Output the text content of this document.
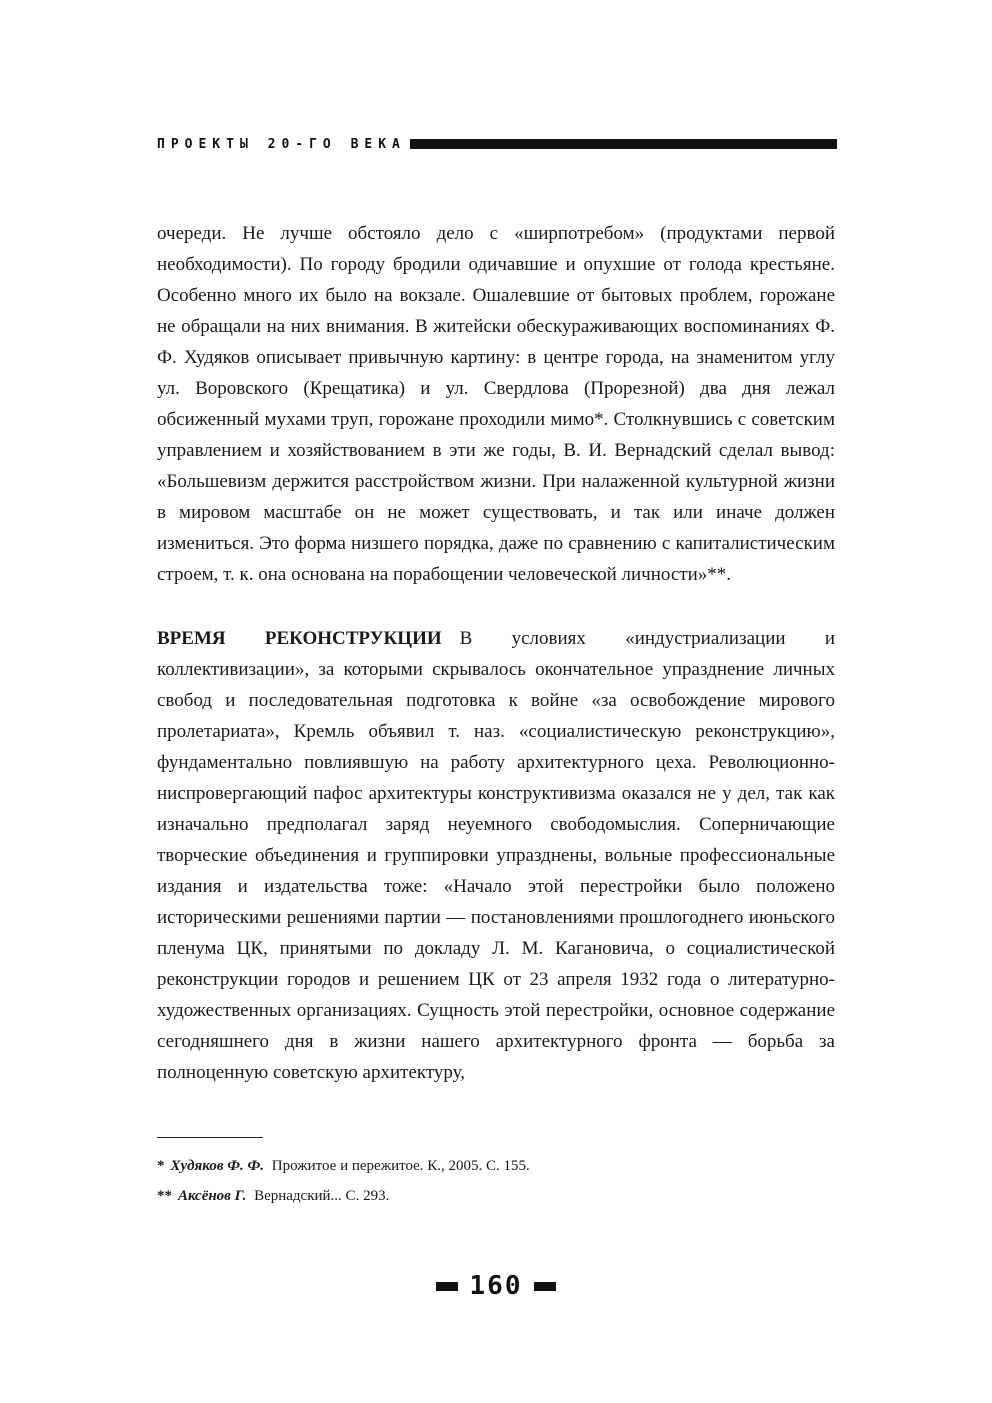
ПРОЕКТЫ 20-ГО ВЕКА

очереди. Не лучше обстояло дело с «ширпотребом» (продуктами первой необходимости). По городу бродили одичавшие и опухшие от голода крестьяне. Особенно много их было на вокзале. Ошалевшие от бытовых проблем, горожане не обращали на них внимания. В житейски обескураживающих воспоминаниях Ф. Ф. Худяков описывает привычную картину: в центре города, на знаменитом углу ул. Воровского (Крещатика) и ул. Свердлова (Прорезной) два дня лежал обсиженный мухами труп, горожане проходили мимо*. Столкнувшись с советским управлением и хозяйствованием в эти же годы, В. И. Вернадский сделал вывод: «Большевизм держится расстройством жизни. При налаженной культурной жизни в мировом масштабе он не может существовать, и так или иначе должен измениться. Это форма низшего порядка, даже по сравнению с капиталистическим строем, т. к. она основана на порабощении человеческой личности»**.

ВРЕМЯ РЕКОНСТРУКЦИИ В условиях «индустриализации и коллективизации», за которыми скрывалось окончательное упразднение личных свобод и последовательная подготовка к войне «за освобождение мирового пролетариата», Кремль объявил т. наз. «социалистическую реконструкцию», фундаментально повлиявшую на работу архитектурного цеха. Революционно-ниспровергающий пафос архитектуры конструктивизма оказался не у дел, так как изначально предполагал заряд неуемного свободомыслия. Соперничающие творческие объединения и группировки упразднены, вольные профессиональные издания и издательства тоже: «Начало этой перестройки было положено историческими решениями партии — постановлениями прошлогоднего июньского пленума ЦК, принятыми по докладу Л. М. Кагановича, о социалистической реконструкции городов и решением ЦК от 23 апреля 1932 года о литературно-художественных организациях. Сущность этой перестройки, основное содержание сегодняшнего дня в жизни нашего архитектурного фронта — борьба за полноценную советскую архитектуру,

* Худяков Ф. Ф. Прожитое и пережитое. К., 2005. С. 155.

** Аксёнов Г. Вернадский... С. 293.

160
